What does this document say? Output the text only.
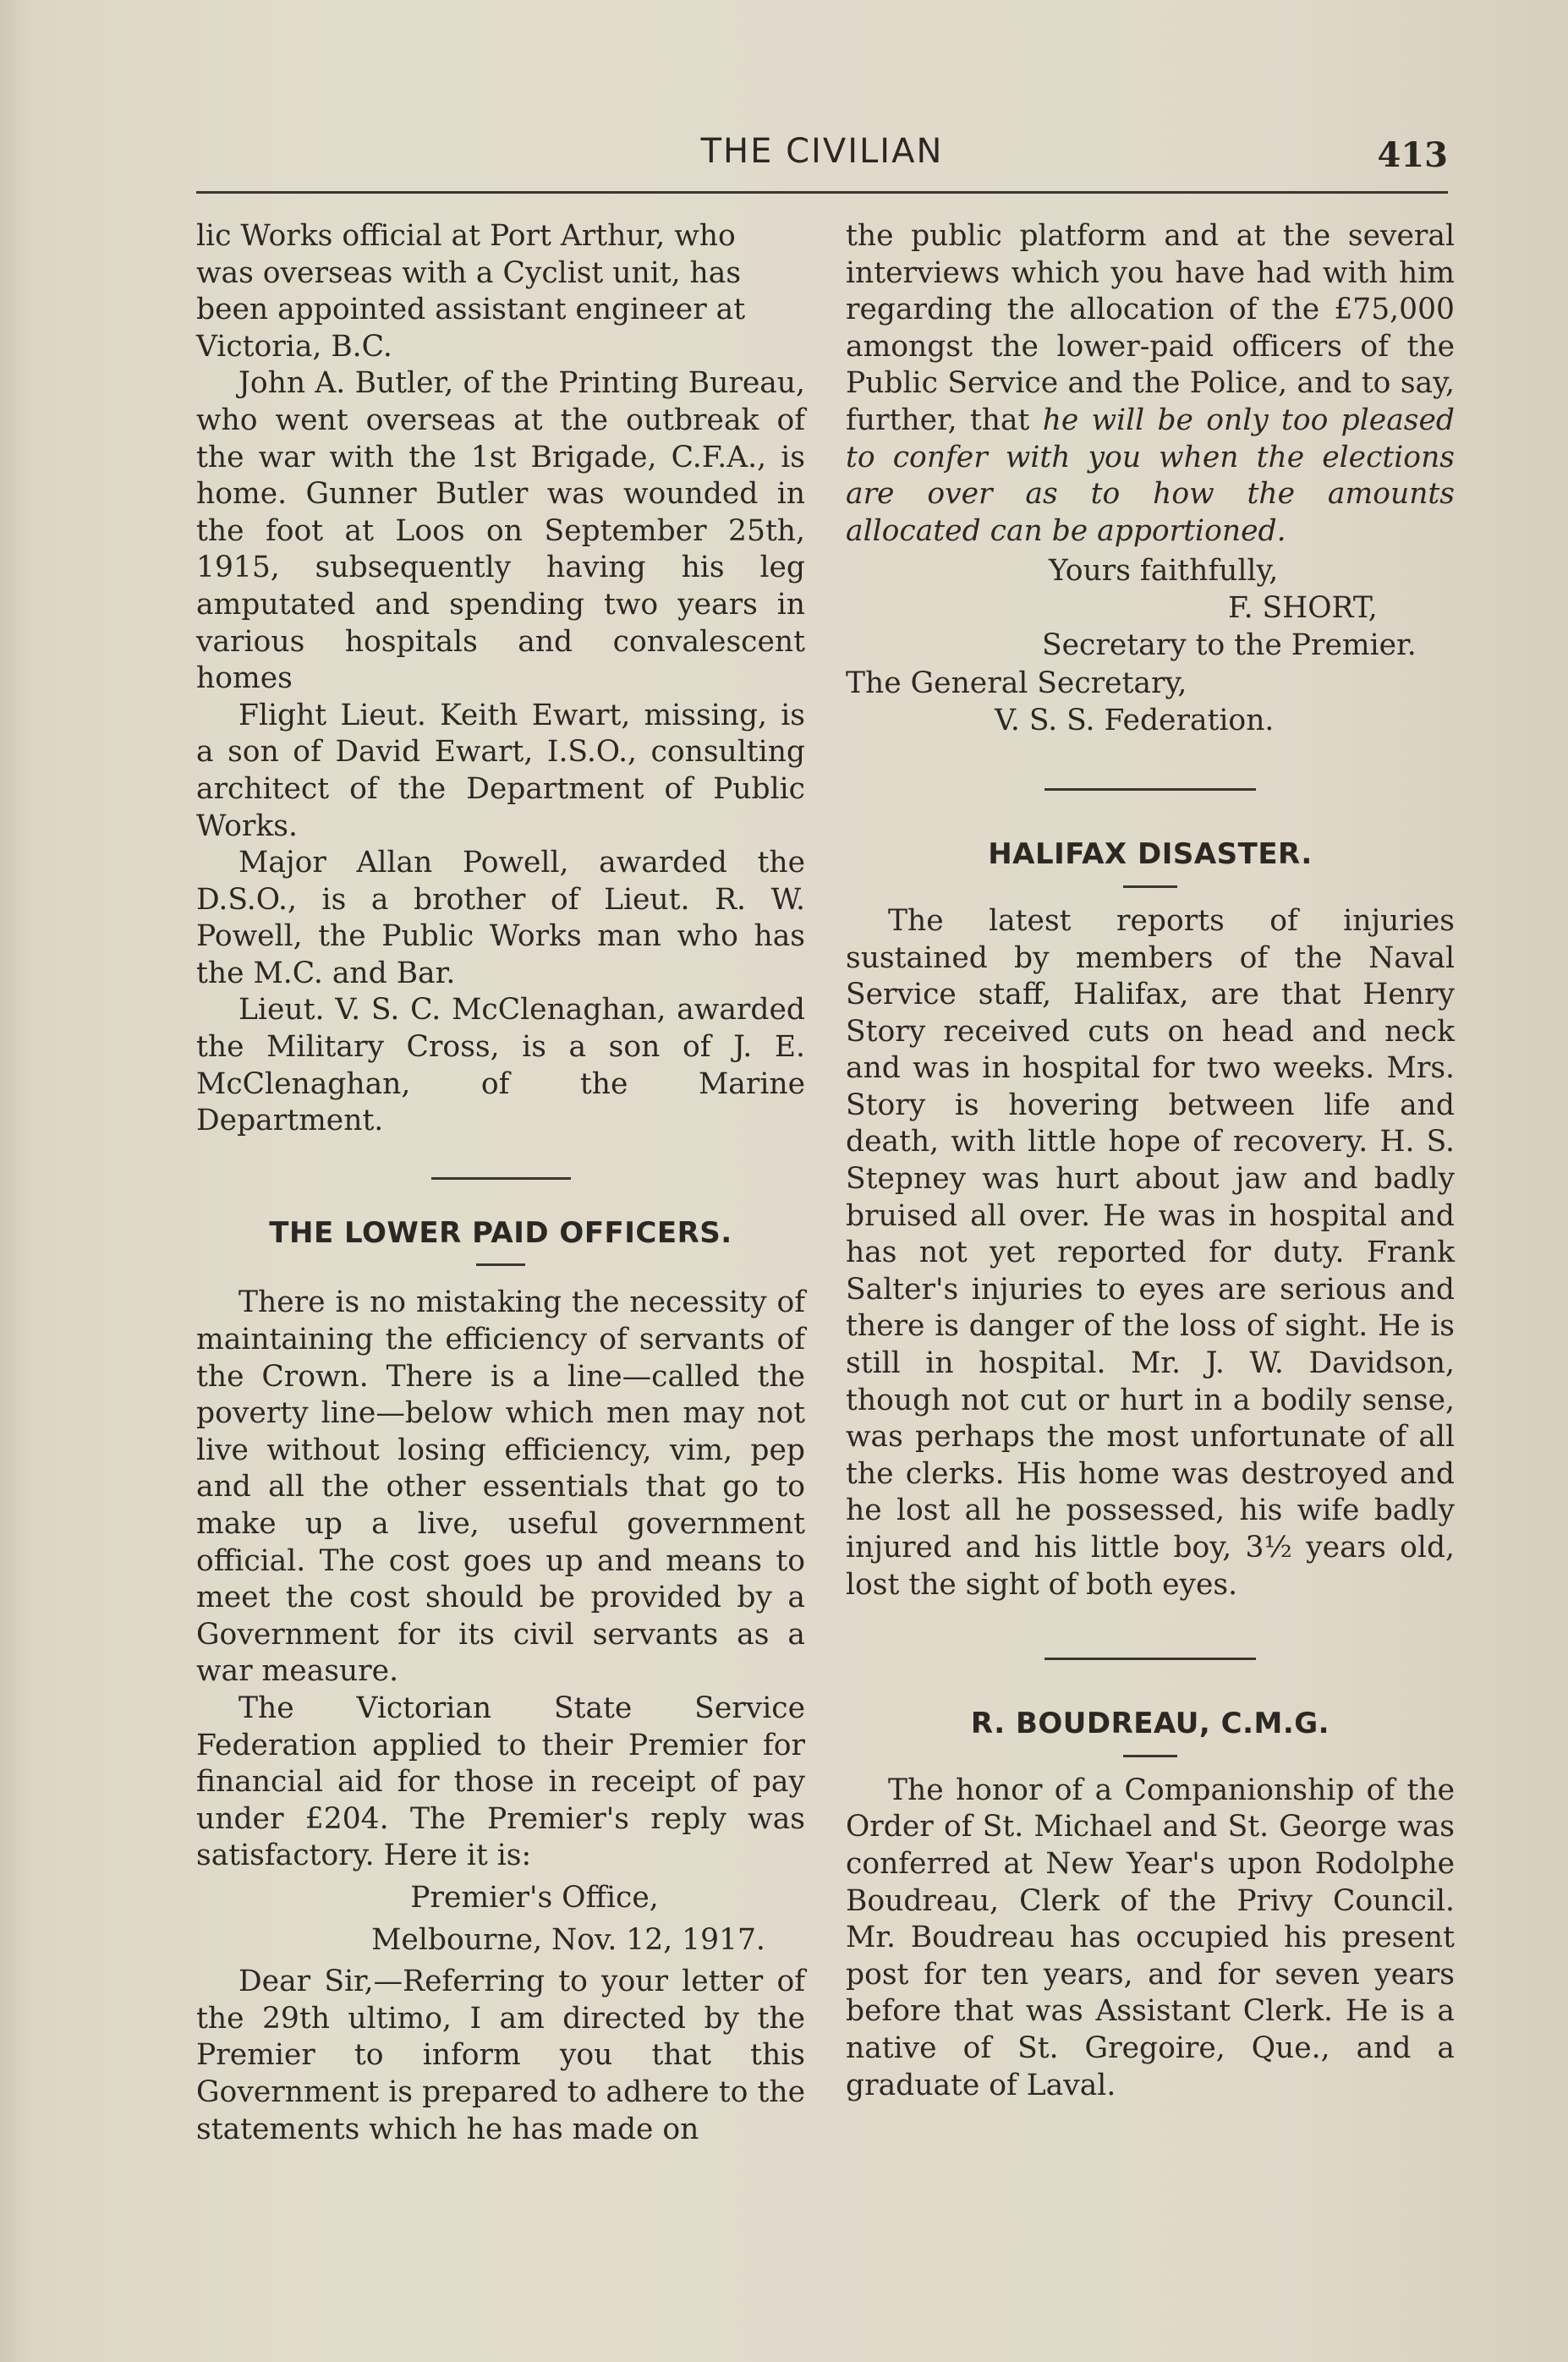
THE CIVILIAN	413

lic Works official at Port Arthur, who
was overseas with a Cyclist unit, has
been appointed assistant engineer at
Victoria, B.C.

John A. Butler, of the Printing Bureau, who went overseas at the outbreak of the war with the 1st Brigade, C.F.A., is home. Gunner Butler was wounded in the foot at Loos on September 25th, 1915, subsequently having his leg amputated and spending two years in various hospitals and convalescent homes

Flight Lieut. Keith Ewart, missing, is a son of David Ewart, I.S.O., consulting architect of the Department of Public Works.

Major Allan Powell, awarded the D.S.O., is a brother of Lieut. R. W. Powell, the Public Works man who has the M.C. and Bar.

Lieut. V. S. C. McClenaghan, awarded the Military Cross, is a son of J. E. McClenaghan, of the Marine Department.

THE LOWER PAID OFFICERS.

There is no mistaking the necessity of maintaining the efficiency of servants of the Crown. There is a line—called the poverty line—below which men may not live without losing efficiency, vim, pep and all the other essentials that go to make up a live, useful government official. The cost goes up and means to meet the cost should be provided by a Government for its civil servants as a war measure.

The Victorian State Service Federation applied to their Premier for financial aid for those in receipt of pay under £204. The Premier's reply was satisfactory. Here it is:

Premier's Office,
Melbourne, Nov. 12, 1917.

Dear Sir,—Referring to your letter of the 29th ultimo, I am directed by the Premier to inform you that this Government is prepared to adhere to the statements which he has made on

the public platform and at the several interviews which you have had with him regarding the allocation of the £75,000 amongst the lower-paid officers of the Public Service and the Police, and to say, further, that he will be only too pleased to confer with you when the elections are over as to how the amounts allocated can be apportioned.

Yours faithfully,
F. SHORT,
Secretary to the Premier.
The General Secretary,
V. S. S. Federation.
HALIFAX DISASTER.

The latest reports of injuries sustained by members of the Naval Service staff, Halifax, are that Henry Story received cuts on head and neck and was in hospital for two weeks. Mrs. Story is hovering between life and death, with little hope of recovery. H. S. Stepney was hurt about jaw and badly bruised all over. He was in hospital and has not yet reported for duty. Frank Salter's injuries to eyes are serious and there is danger of the loss of sight. He is still in hospital. Mr. J. W. Davidson, though not cut or hurt in a bodily sense, was perhaps the most unfortunate of all the clerks. His home was destroyed and he lost all he possessed, his wife badly injured and his little boy, 3½ years old, lost the sight of both eyes.

R. BOUDREAU, C.M.G.

The honor of a Companionship of the Order of St. Michael and St. George was conferred at New Year's upon Rodolphe Boudreau, Clerk of the Privy Council. Mr. Boudreau has occupied his present post for ten years, and for seven years before that was Assistant Clerk. He is a native of St. Gregoire, Que., and a graduate of Laval.
